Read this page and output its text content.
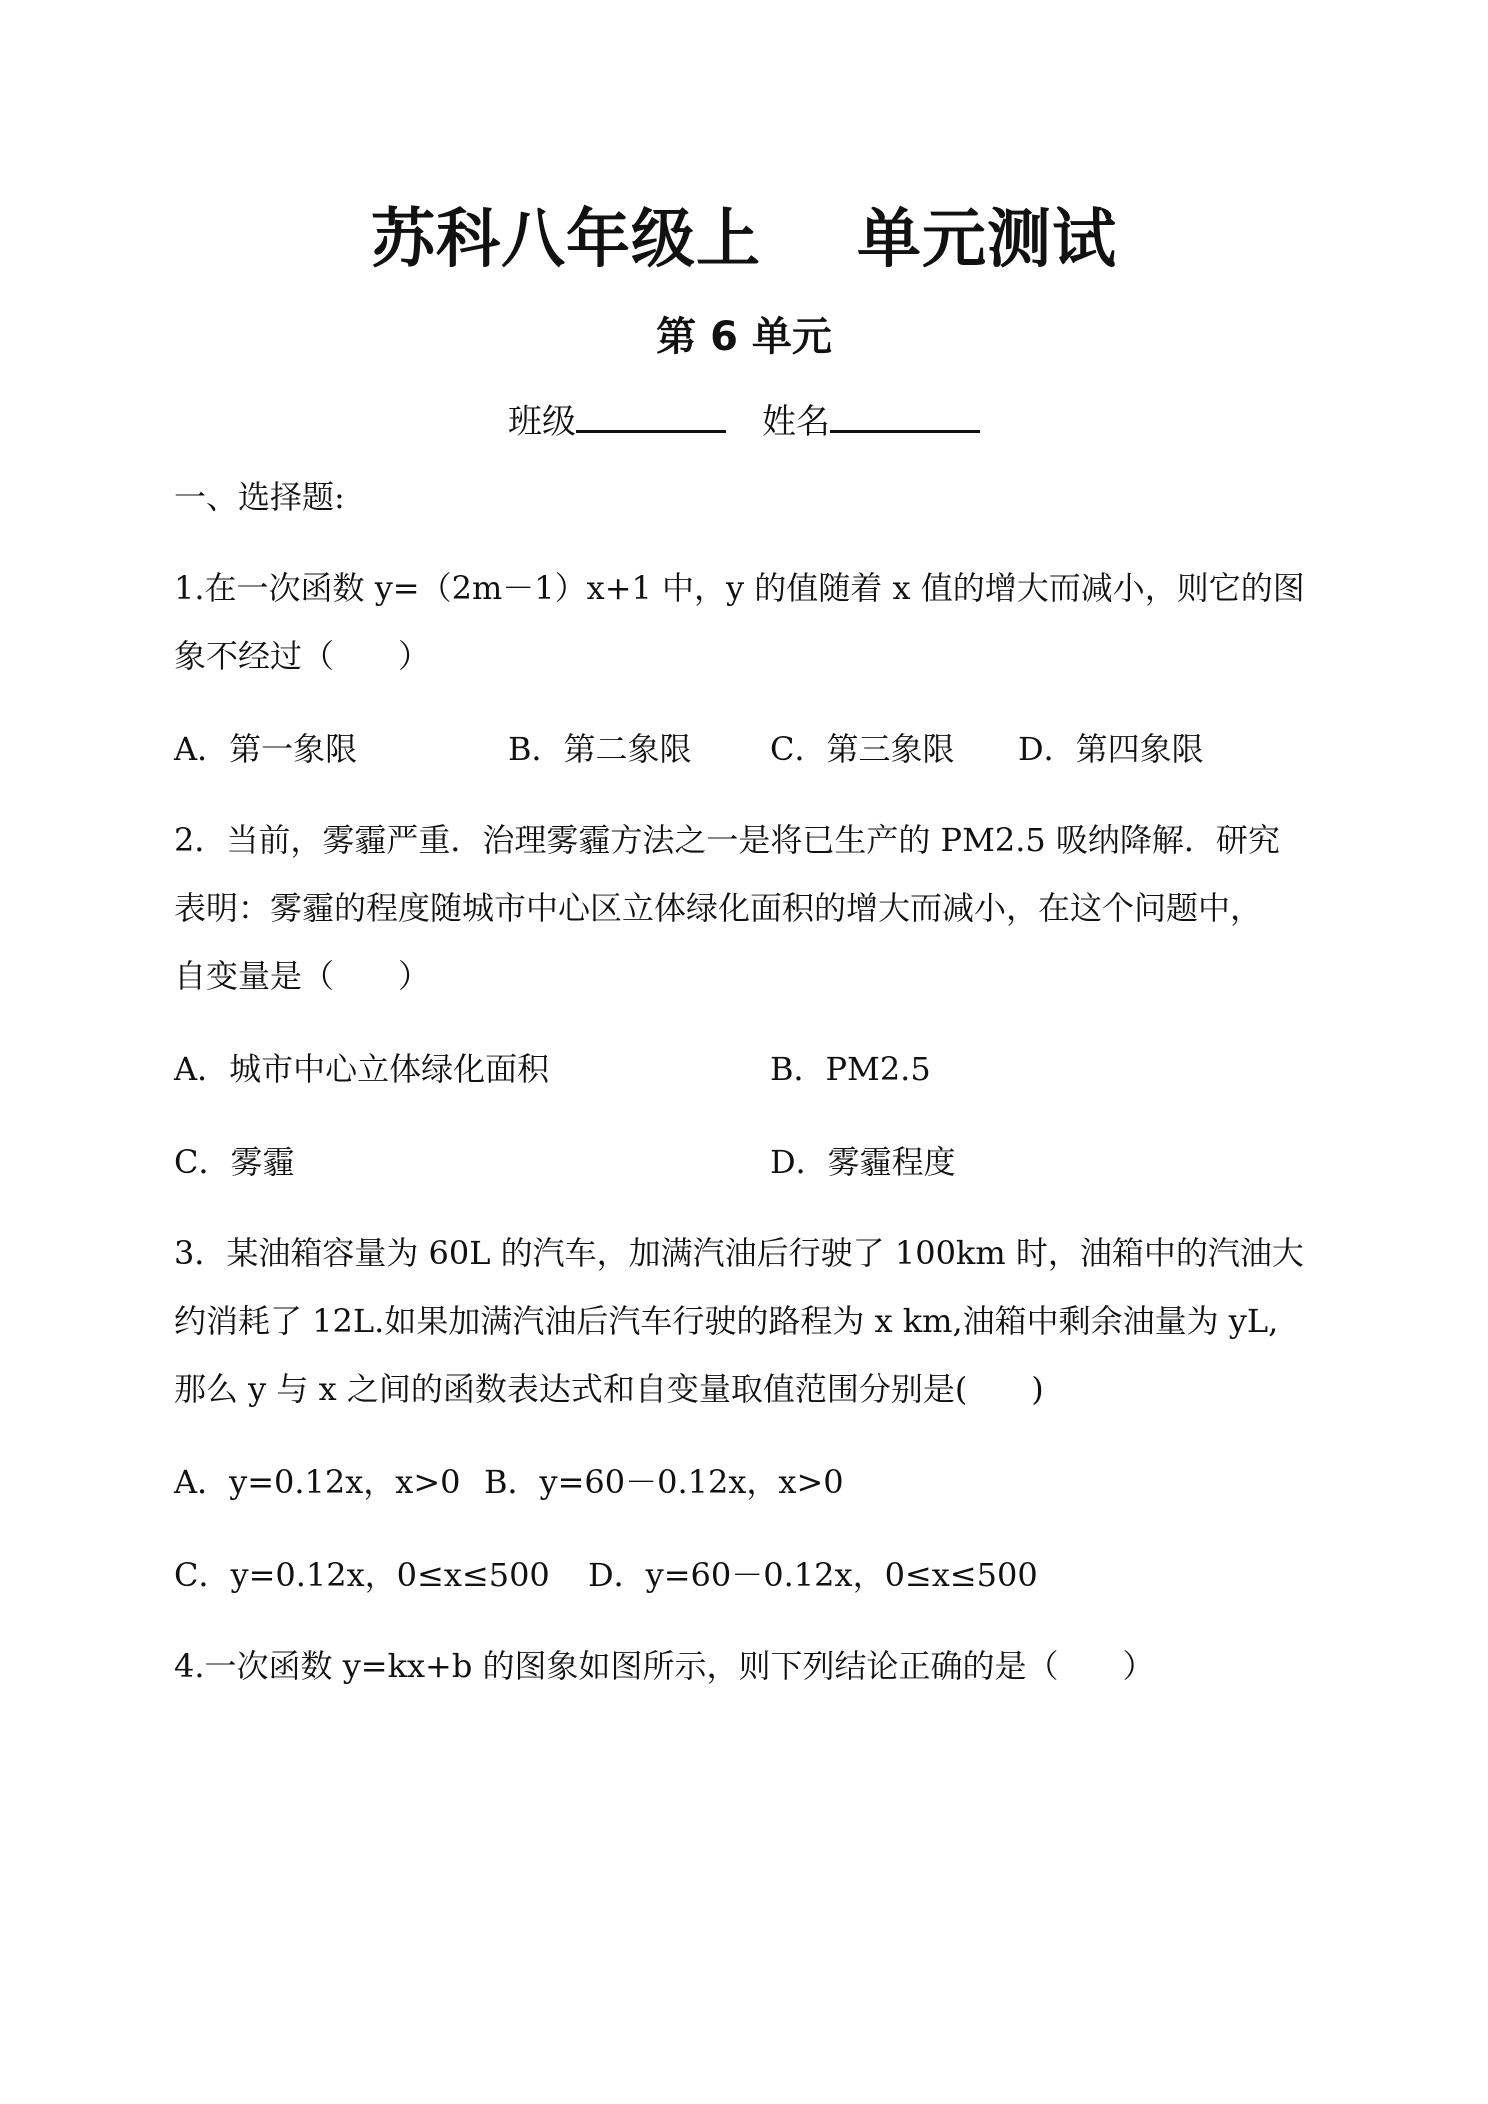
苏科八年级上 单元测试
第 6 单元
班级	姓名
一、选择题:
1.在一次函数 y=（2m－1）x+1 中，y 的值随着 x 值的增大而减小，则它的图
象不经过（　　）
A．第一象限	B．第二象限 C．第三象限 D．第四象限
2．当前，雾霾严重．治理雾霾方法之一是将已生产的 PM2.5 吸纳降解．研究
表明：雾霾的程度随城市中心区立体绿化面积的增大而减小，在这个问题中，
自变量是（　　）
A．城市中心立体绿化面积	B．PM2.5
C．雾霾	D．雾霾程度
3．某油箱容量为 60L 的汽车，加满汽油后行驶了 100km 时，油箱中的汽油大
约消耗了 12L.如果加满汽油后汽车行驶的路程为 x km,油箱中剩余油量为 yL,
那么 y 与 x 之间的函数表达式和自变量取值范围分别是(　　)
A．y=0.12x，x>0 B．y=60－0.12x，x>0
C．y=0.12x，0≤x≤500 D．y=60－0.12x，0≤x≤500
4.一次函数 y=kx+b 的图象如图所示，则下列结论正确的是（　　）
